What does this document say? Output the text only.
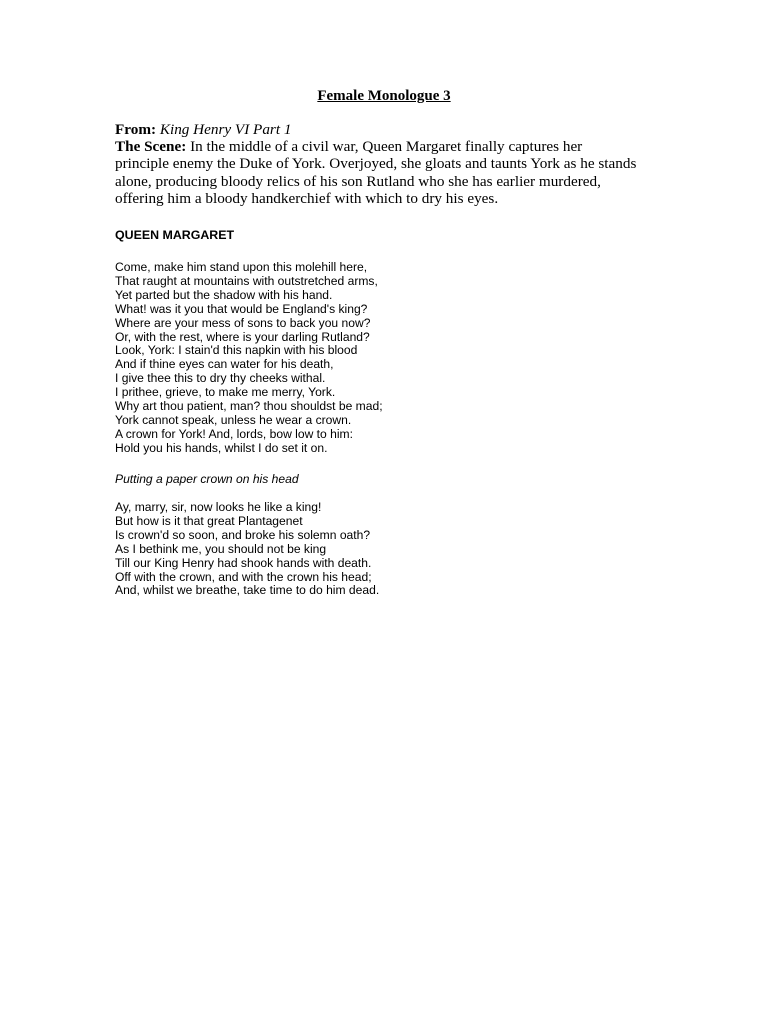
Female Monologue 3
From: King Henry VI Part 1
The Scene: In the middle of a civil war, Queen Margaret finally captures her
principle enemy the Duke of York. Overjoyed, she gloats and taunts York as he stands
alone, producing bloody relics of his son Rutland who she has earlier murdered,
offering him a bloody handkerchief with which to dry his eyes.
QUEEN MARGARET
Come, make him stand upon this molehill here,
That raught at mountains with outstretched arms,
Yet parted but the shadow with his hand.
What! was it you that would be England's king?
Where are your mess of sons to back you now?
Or, with the rest, where is your darling Rutland?
Look, York: I stain'd this napkin with his blood
And if thine eyes can water for his death,
I give thee this to dry thy cheeks withal.
I prithee, grieve, to make me merry, York.
Why art thou patient, man? thou shouldst be mad;
York cannot speak, unless he wear a crown.
A crown for York! And, lords, bow low to him:
Hold you his hands, whilst I do set it on.
Putting a paper crown on his head
Ay, marry, sir, now looks he like a king!
But how is it that great Plantagenet
Is crown'd so soon, and broke his solemn oath?
As I bethink me, you should not be king
Till our King Henry had shook hands with death.
Off with the crown, and with the crown his head;
And, whilst we breathe, take time to do him dead.
